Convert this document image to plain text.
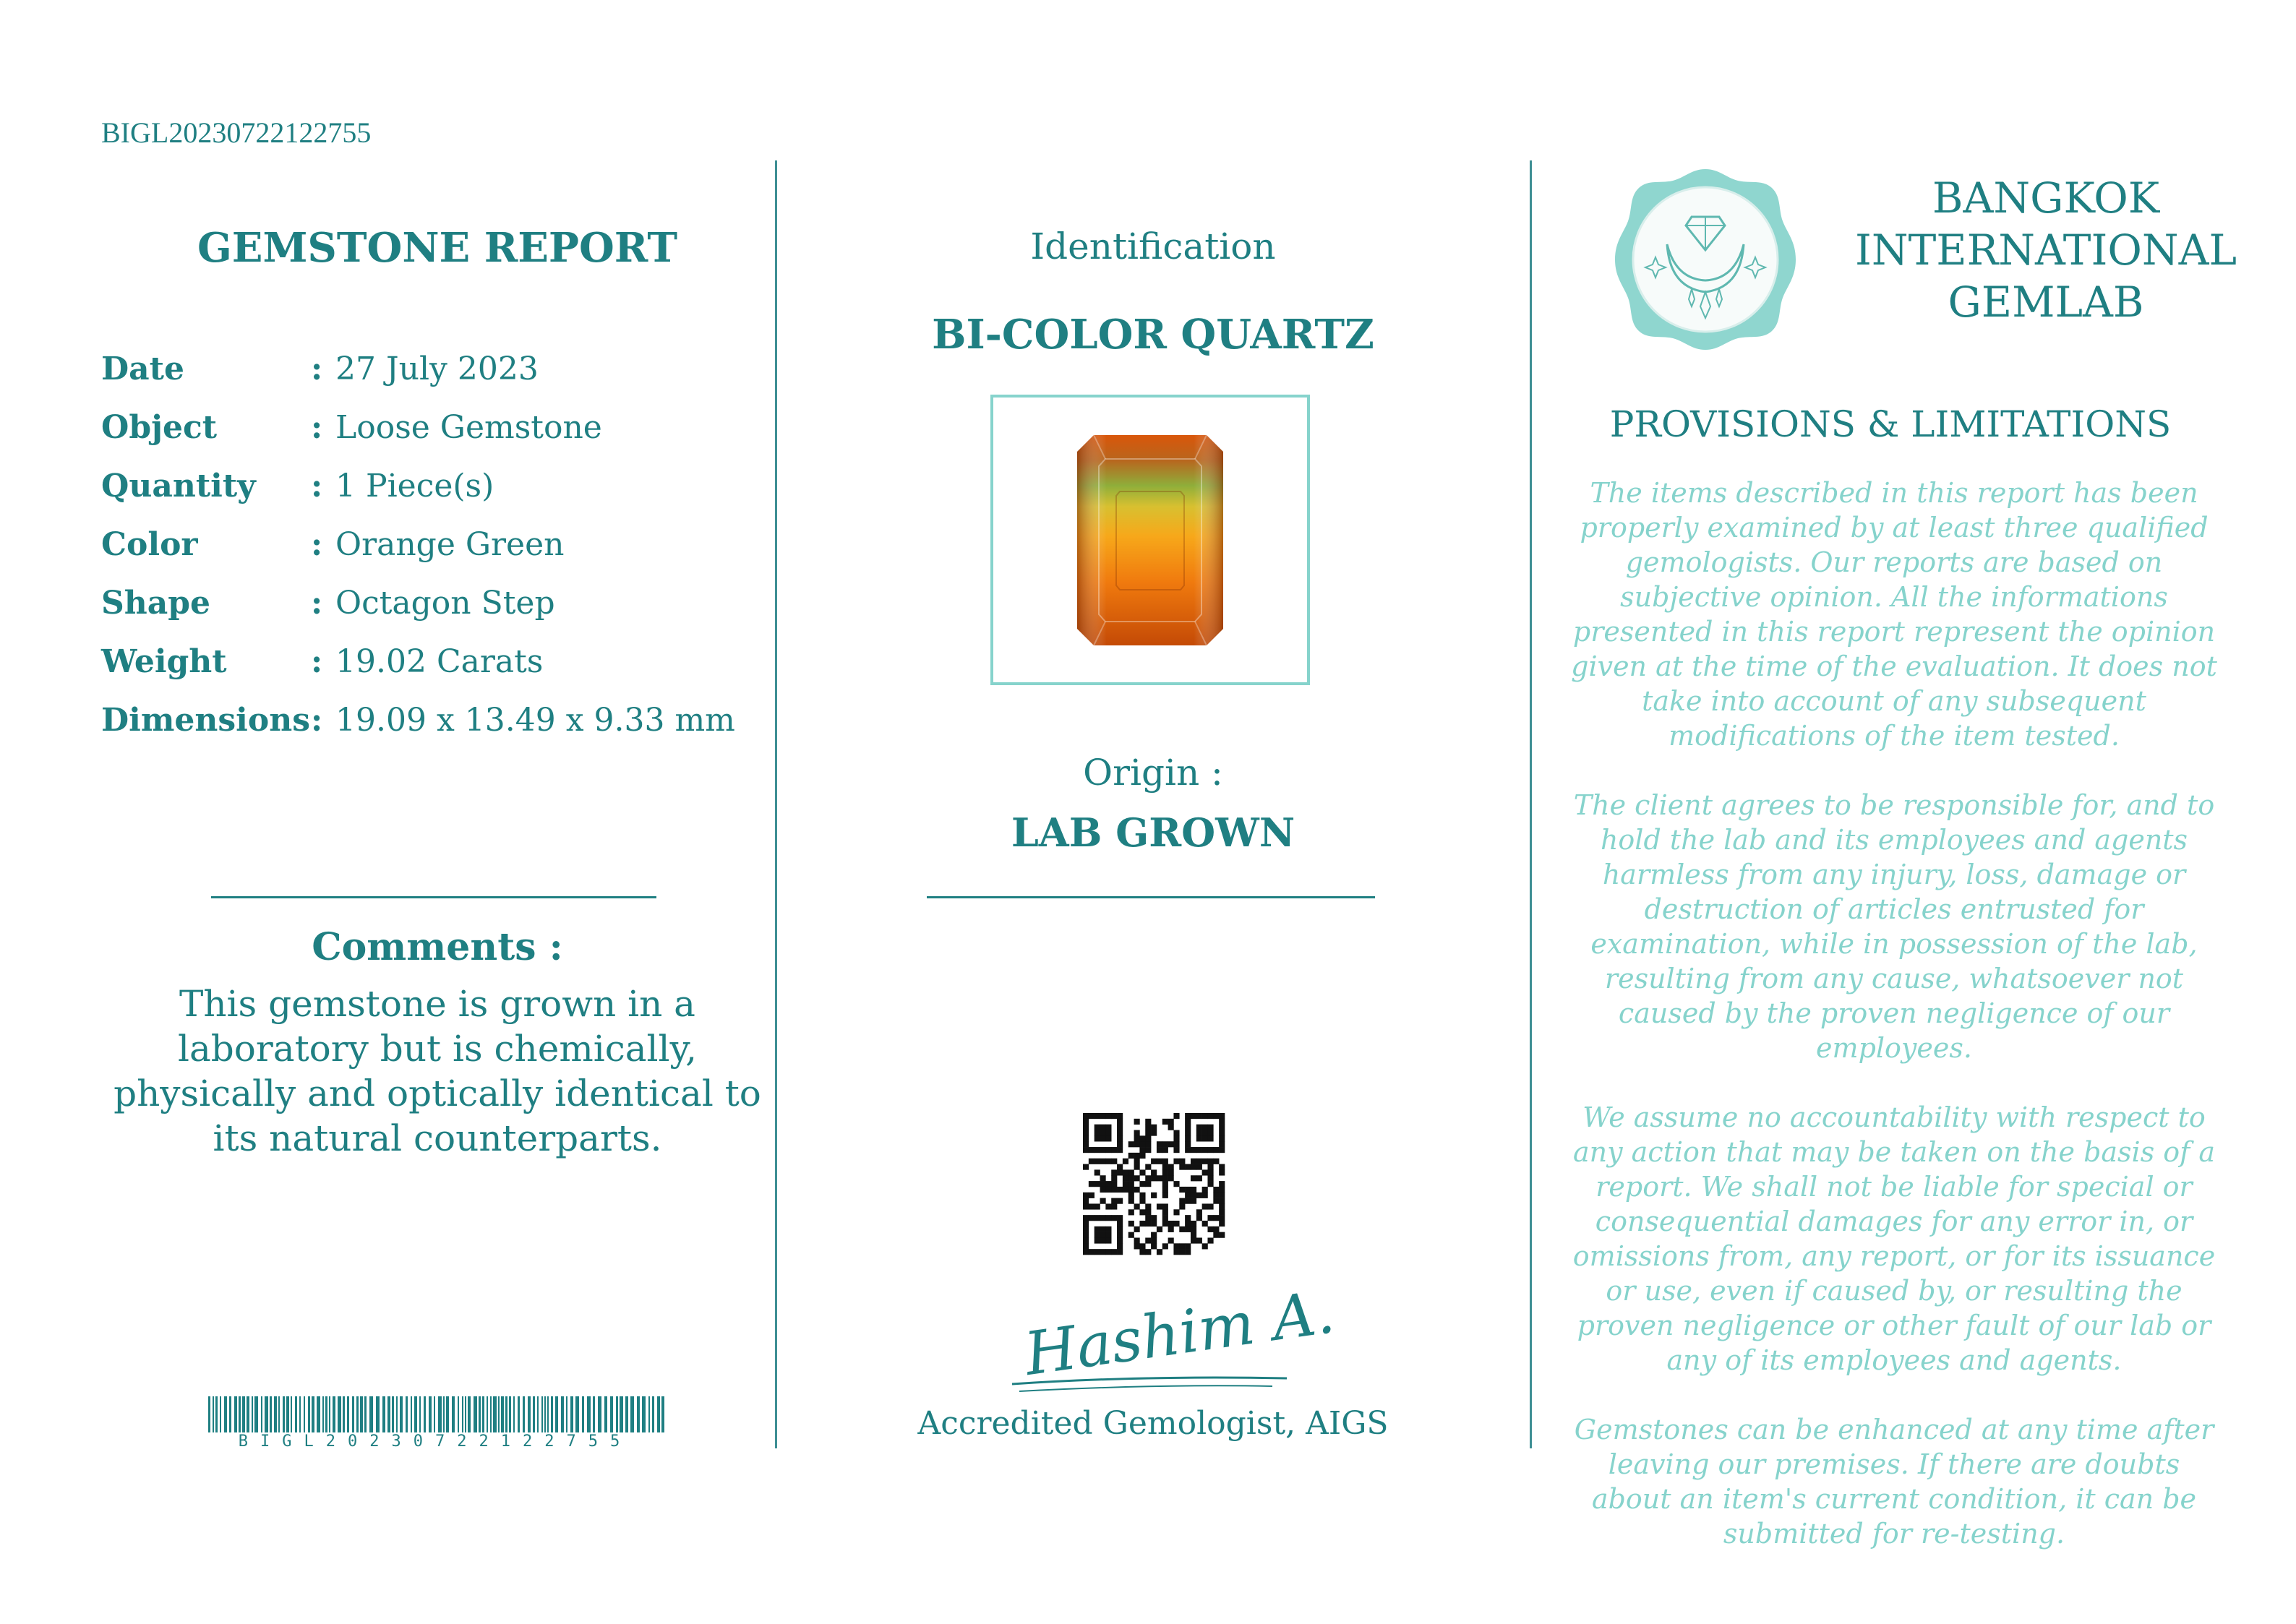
BIGL20230722122755
GEMSTONE REPORT
Date	: 27 July 2023
Object	: Loose Gemstone
Quantity	: 1 Piece(s)
Color	: Orange Green
Shape	: Octagon Step
Weight	: 19.02 Carats
Dimensions : 19.09 x 13.49 x 9.33 mm
Comments :
This gemstone is grown in a laboratory but is chemically, physically and optically identical to its natural counterparts.
BIGL20230722122755
Identification
BI-COLOR QUARTZ
Origin :
LAB GROWN
Hashim A.
Accredited Gemologist, AIGS
BANGKOK
INTERNATIONAL
GEMLAB
PROVISIONS & LIMITATIONS

The items described in this report has been properly examined by at least three qualified gemologists. Our reports are based on subjective opinion. All the informations presented in this report represent the opinion given at the time of the evaluation. It does not take into account of any subsequent modifications of the item tested.

The client agrees to be responsible for, and to hold the lab and its employees and agents harmless from any injury, loss, damage or destruction of articles entrusted for examination, while in possession of the lab, resulting from any cause, whatsoever not caused by the proven negligence of our employees.

We assume no accountability with respect to any action that may be taken on the basis of a report. We shall not be liable for special or consequential damages for any error in, or omissions from, any report, or for its issuance or use, even if caused by, or resulting the proven negligence or other fault of our lab or any of its employees and agents.

Gemstones can be enhanced at any time after leaving our premises. If there are doubts about an item's current condition, it can be submitted for re-testing.
